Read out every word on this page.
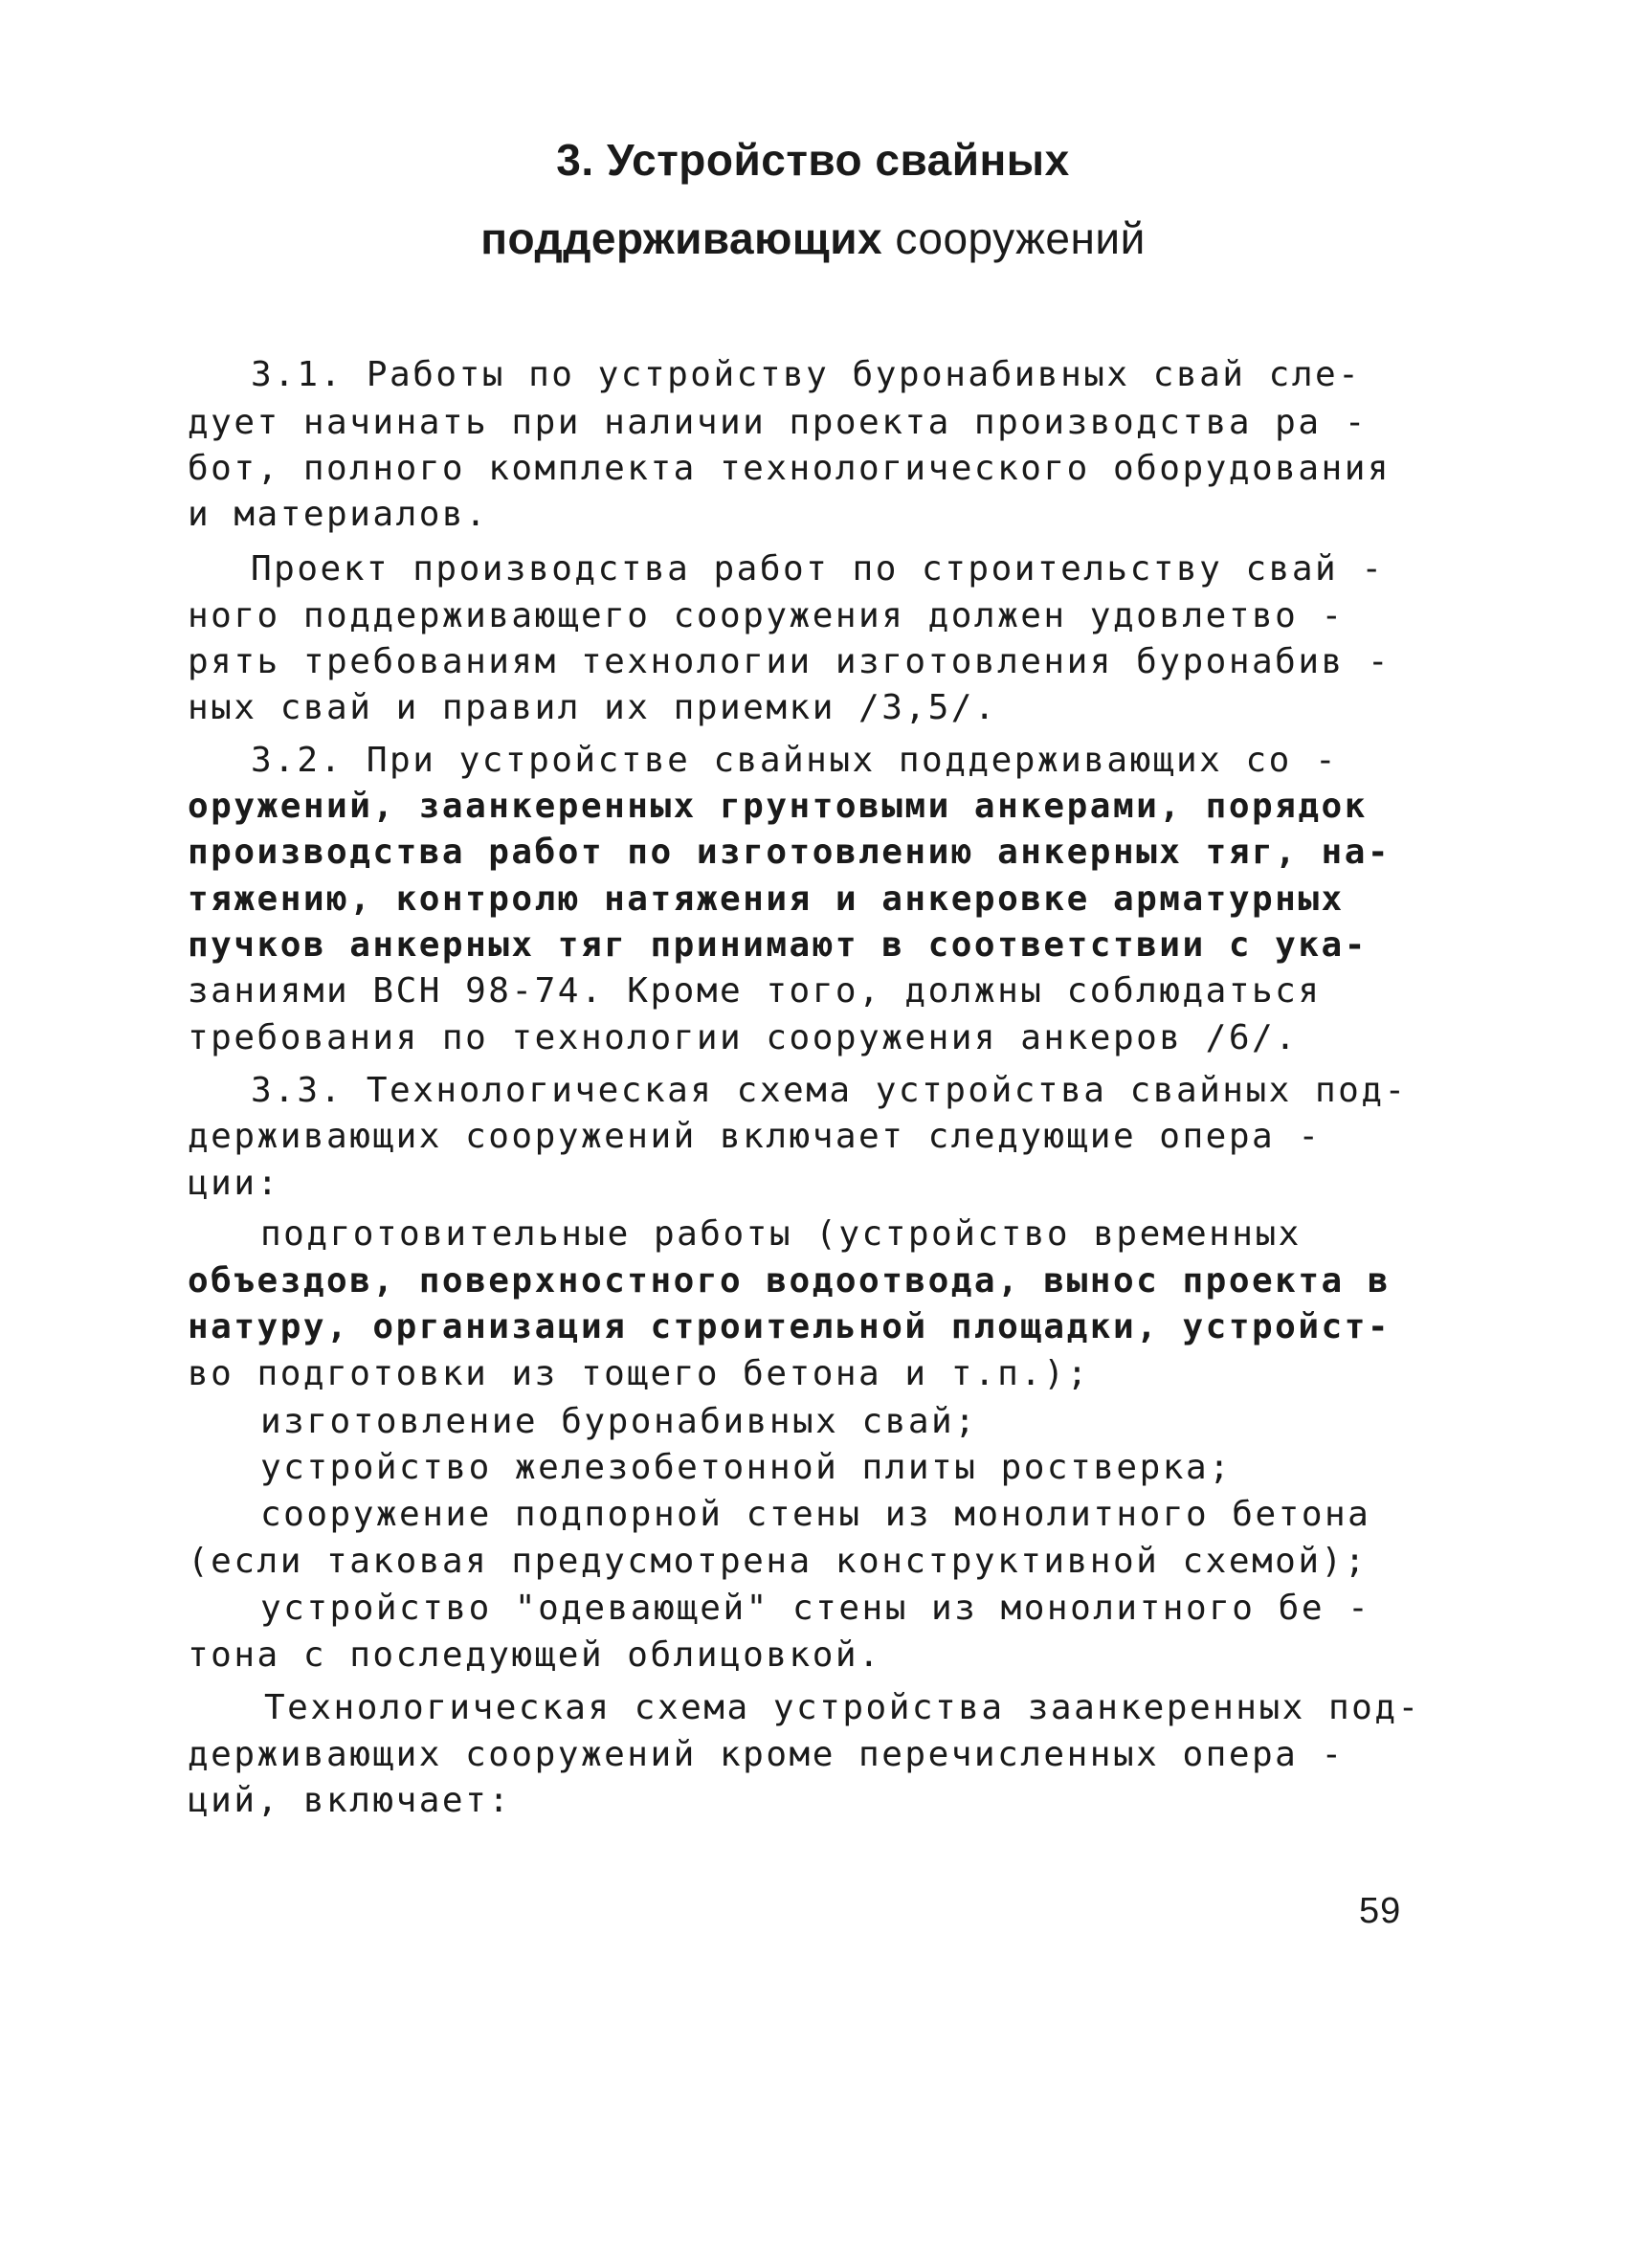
3. Устройство свайных
поддерживающих сооружений
3.1. Работы по устройству буронабивных свай сле-
дует начинать при наличии проекта производства ра -
бот, полного комплекта технологического оборудования
и материалов.
Проект производства работ по строительству свай -
ного поддерживающего сооружения должен удовлетво -
рять требованиям технологии изготовления буронабив -
ных свай и правил их приемки /3,5/.
3.2. При устройстве свайных поддерживающих со -
оружений, заанкеренных грунтовыми анкерами, порядок
производства работ по изготовлению анкерных тяг, на-
тяжению, контролю натяжения и анкеровке арматурных
пучков анкерных тяг принимают в соответствии с ука-
заниями ВСН 98-74. Кроме того, должны соблюдаться
требования по технологии сооружения анкеров /6/.
3.3. Технологическая схема устройства свайных под-
держивающих сооружений включает следующие опера -
ции:
подготовительные работы (устройство временных
объездов, поверхностного водоотвода, вынос проекта в
натуру, организация строительной площадки, устройст-
во подготовки из тощего бетона и т.п.);
изготовление буронабивных свай;
устройство железобетонной плиты ростверка;
сооружение подпорной стены из монолитного бетона
(если таковая предусмотрена конструктивной схемой);
устройство "одевающей" стены из монолитного бе -
тона с последующей облицовкой.
Технологическая схема устройства заанкеренных под-
держивающих сооружений кроме перечисленных опера -
ций, включает:
59
